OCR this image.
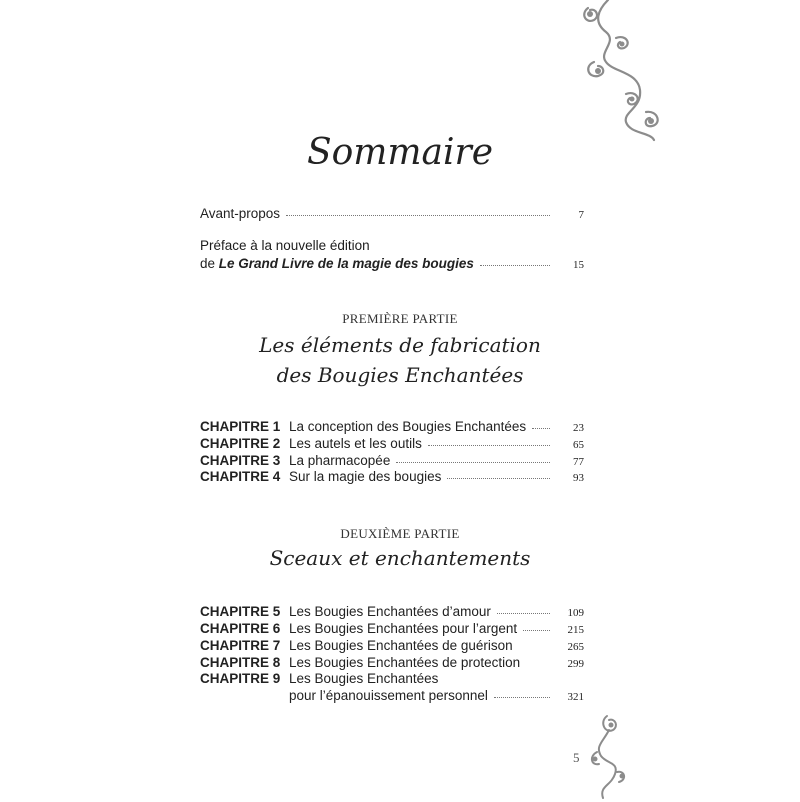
Sommaire
Avant-propos	7
Préface à la nouvelle édition
de Le Grand Livre de la magie des bougies	15
PREMIÈRE PARTIE
Les éléments de fabrication
des Bougies Enchantées
CHAPITRE 1 La conception des Bougies Enchantées	23
CHAPITRE 2 Les autels et les outils	65
CHAPITRE 3 La pharmacopée	77
CHAPITRE 4 Sur la magie des bougies	93
DEUXIÈME PARTIE
Sceaux et enchantements
CHAPITRE 5 Les Bougies Enchantées d’amour	109
CHAPITRE 6 Les Bougies Enchantées pour l’argent	215
CHAPITRE 7 Les Bougies Enchantées de guérison	265
CHAPITRE 8 Les Bougies Enchantées de protection	299
CHAPITRE 9 Les Bougies Enchantées
pour l’épanouissement personnel	321
5
